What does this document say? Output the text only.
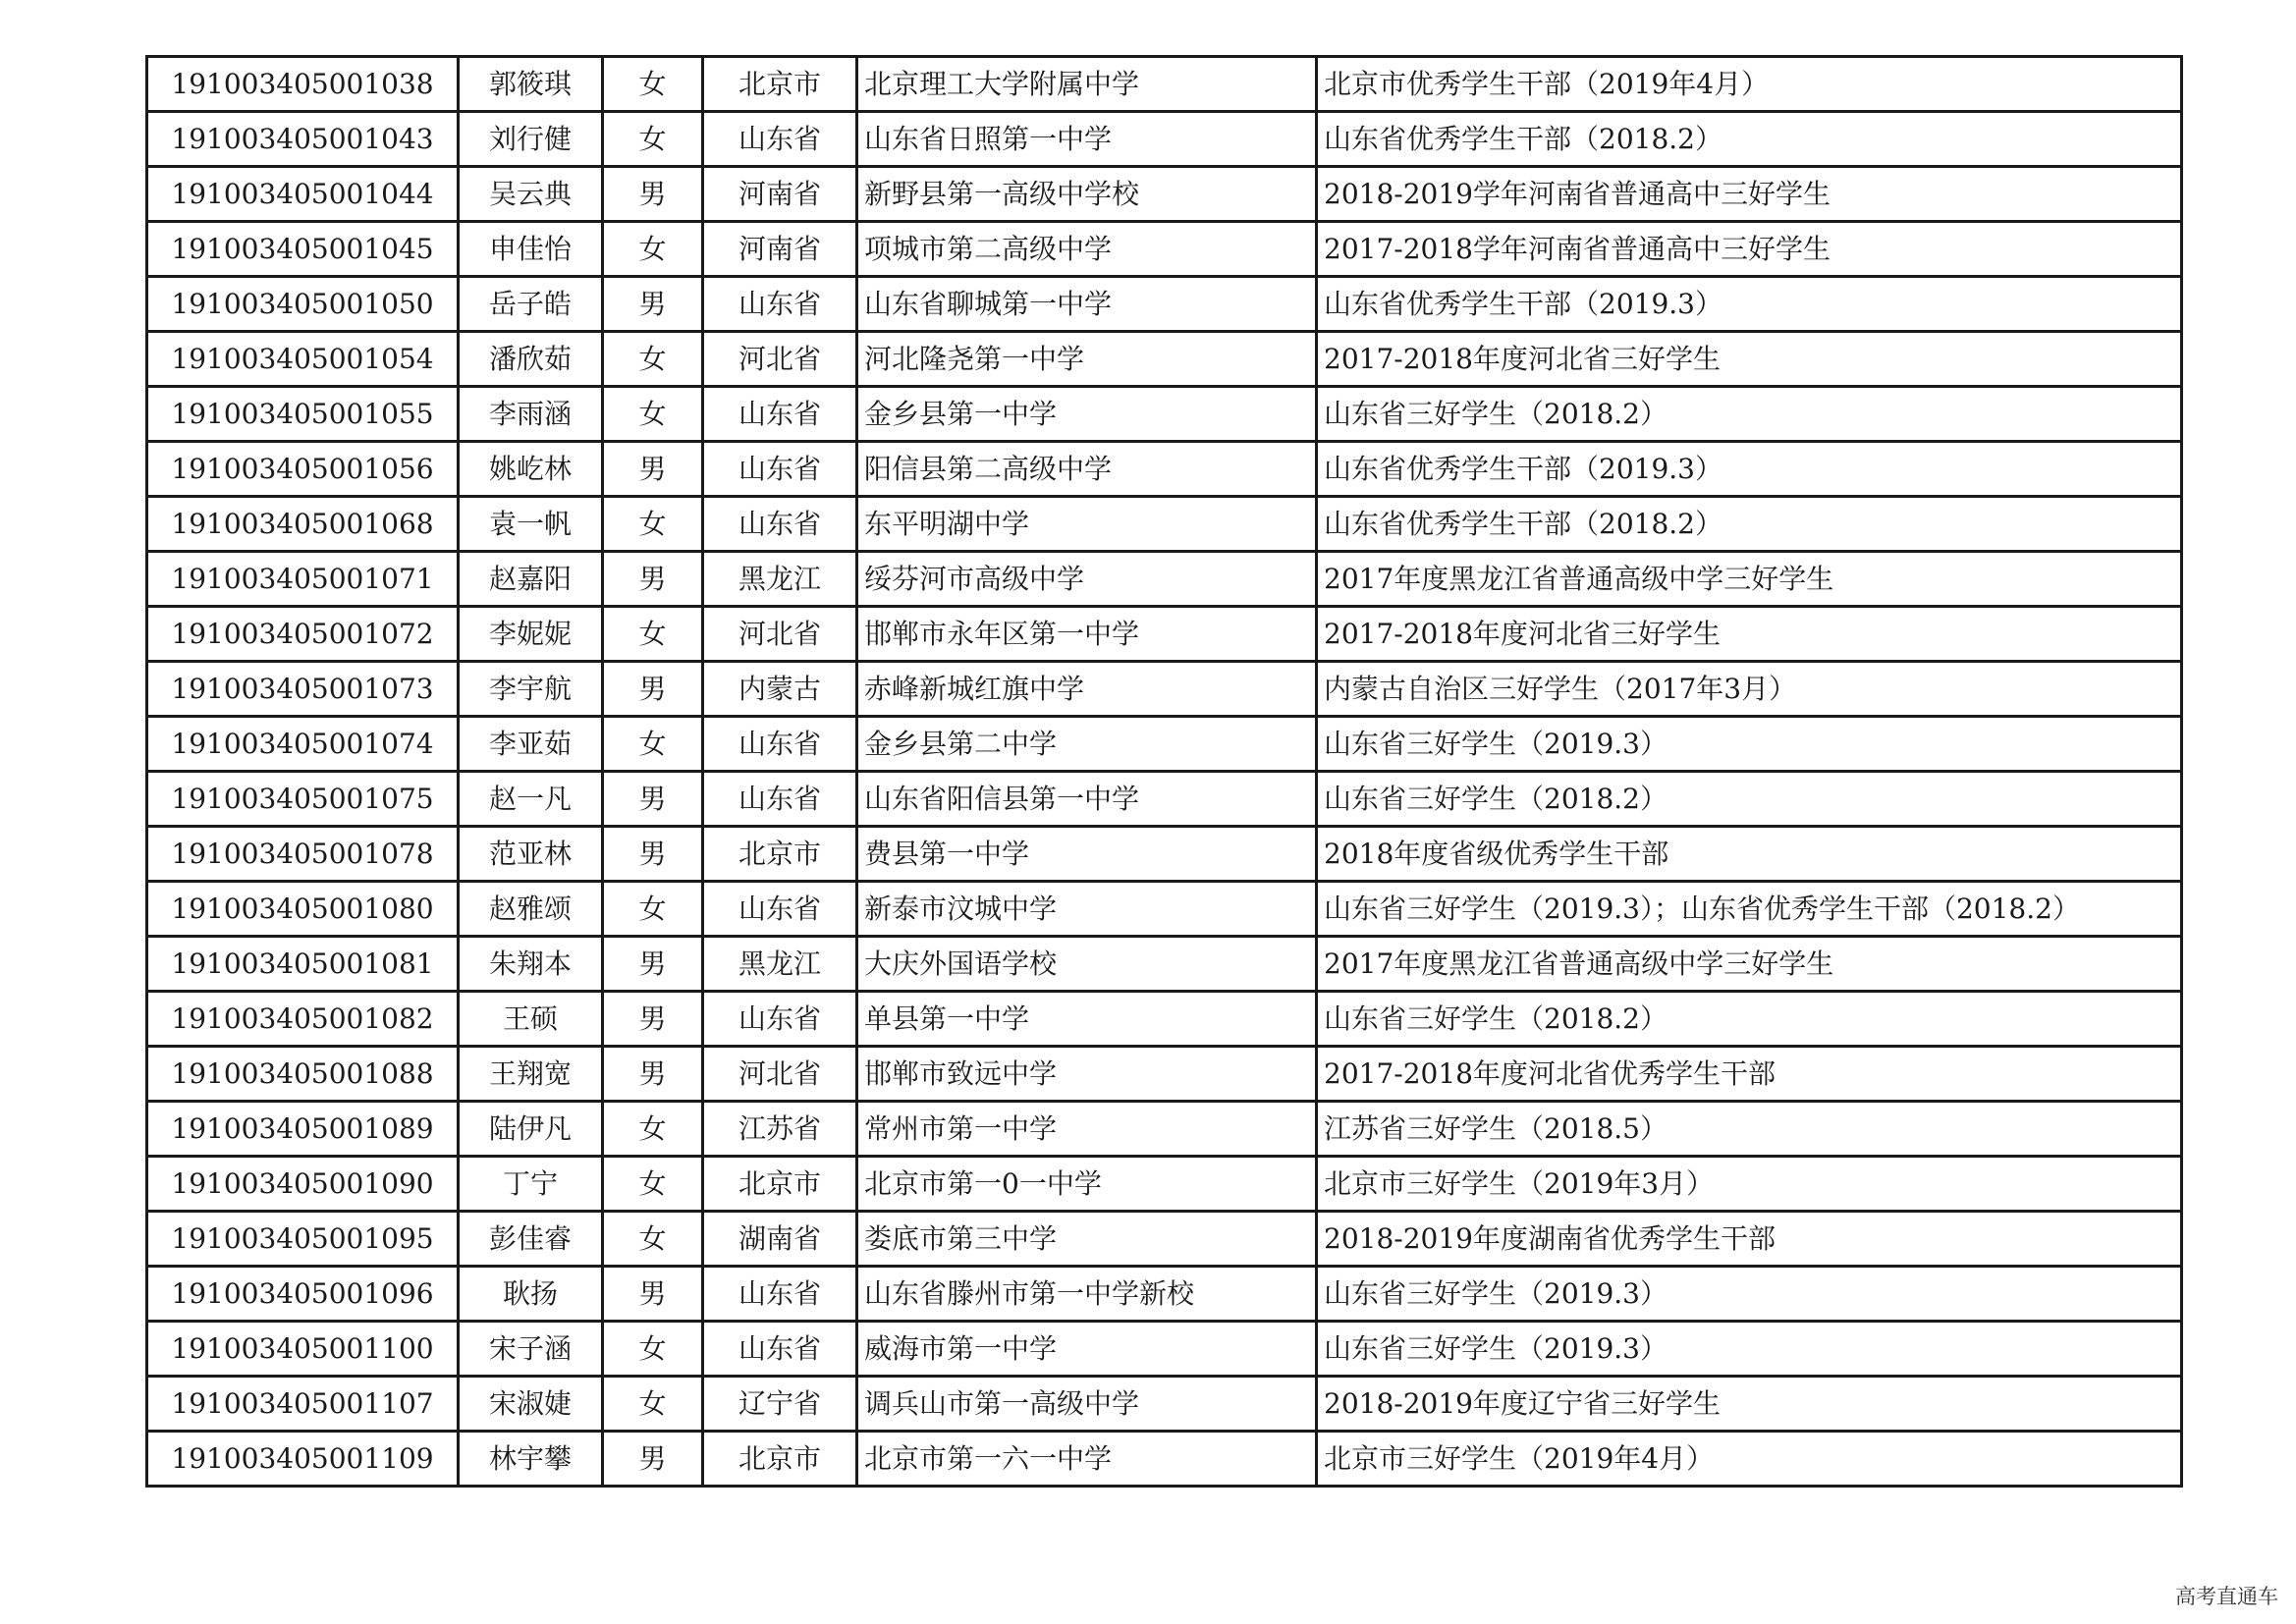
191003405001038	郭筱琪	女	北京市	北京理工大学附属中学	北京市优秀学生干部（2019年4月）
191003405001043	刘行健	女	山东省	山东省日照第一中学	山东省优秀学生干部（2018.2）
191003405001044	吴云典	男	河南省	新野县第一高级中学校	2018-2019学年河南省普通高中三好学生
191003405001045	申佳怡	女	河南省	项城市第二高级中学	2017-2018学年河南省普通高中三好学生
191003405001050	岳子皓	男	山东省	山东省聊城第一中学	山东省优秀学生干部（2019.3）
191003405001054	潘欣茹	女	河北省	河北隆尧第一中学	2017-2018年度河北省三好学生
191003405001055	李雨涵	女	山东省	金乡县第一中学	山东省三好学生（2018.2）
191003405001056	姚屹林	男	山东省	阳信县第二高级中学	山东省优秀学生干部（2019.3）
191003405001068	袁一帆	女	山东省	东平明湖中学	山东省优秀学生干部（2018.2）
191003405001071	赵嘉阳	男	黑龙江	绥芬河市高级中学	2017年度黑龙江省普通高级中学三好学生
191003405001072	李妮妮	女	河北省	邯郸市永年区第一中学	2017-2018年度河北省三好学生
191003405001073	李宇航	男	内蒙古	赤峰新城红旗中学	内蒙古自治区三好学生（2017年3月）
191003405001074	李亚茹	女	山东省	金乡县第二中学	山东省三好学生（2019.3）
191003405001075	赵一凡	男	山东省	山东省阳信县第一中学	山东省三好学生（2018.2）
191003405001078	范亚林	男	北京市	费县第一中学	2018年度省级优秀学生干部
191003405001080	赵雅颂	女	山东省	新泰市汶城中学	山东省三好学生（2019.3）；山东省优秀学生干部（2018.2）
191003405001081	朱翔本	男	黑龙江	大庆外国语学校	2017年度黑龙江省普通高级中学三好学生
191003405001082	王硕	男	山东省	单县第一中学	山东省三好学生（2018.2）
191003405001088	王翔宽	男	河北省	邯郸市致远中学	2017-2018年度河北省优秀学生干部
191003405001089	陆伊凡	女	江苏省	常州市第一中学	江苏省三好学生（2018.5）
191003405001090	丁宁	女	北京市	北京市第一0一中学	北京市三好学生（2019年3月）
191003405001095	彭佳睿	女	湖南省	娄底市第三中学	2018-2019年度湖南省优秀学生干部
191003405001096	耿扬	男	山东省	山东省滕州市第一中学新校	山东省三好学生（2019.3）
191003405001100	宋子涵	女	山东省	威海市第一中学	山东省三好学生（2019.3）
191003405001107	宋淑婕	女	辽宁省	调兵山市第一高级中学	2018-2019年度辽宁省三好学生
191003405001109	林宇攀	男	北京市	北京市第一六一中学	北京市三好学生（2019年4月）
高考直通车
